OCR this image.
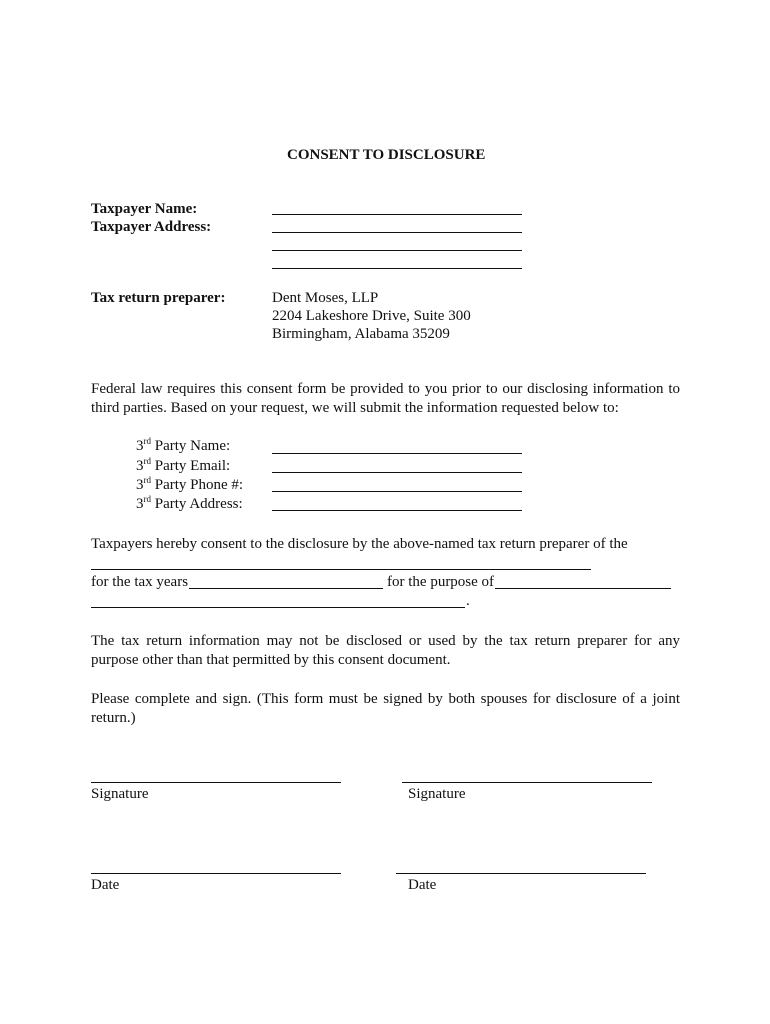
CONSENT TO DISCLOSURE
Taxpayer Name:
Taxpayer Address:
Tax return preparer:	Dent Moses, LLP
2204 Lakeshore Drive, Suite 300
Birmingham, Alabama 35209
Federal law requires this consent form be provided to you prior to our disclosing information to third parties. Based on your request, we will submit the information requested below to:
3rd Party Name:
3rd Party Email:
3rd Party Phone #:
3rd Party Address:
Taxpayers hereby consent to the disclosure by the above-named tax return preparer of the
for the tax years	for the purpose of
.
The tax return information may not be disclosed or used by the tax return preparer for any purpose other than that permitted by this consent document.
Please complete and sign. (This form must be signed by both spouses for disclosure of a joint return.)
Signature	Signature
Date	Date
